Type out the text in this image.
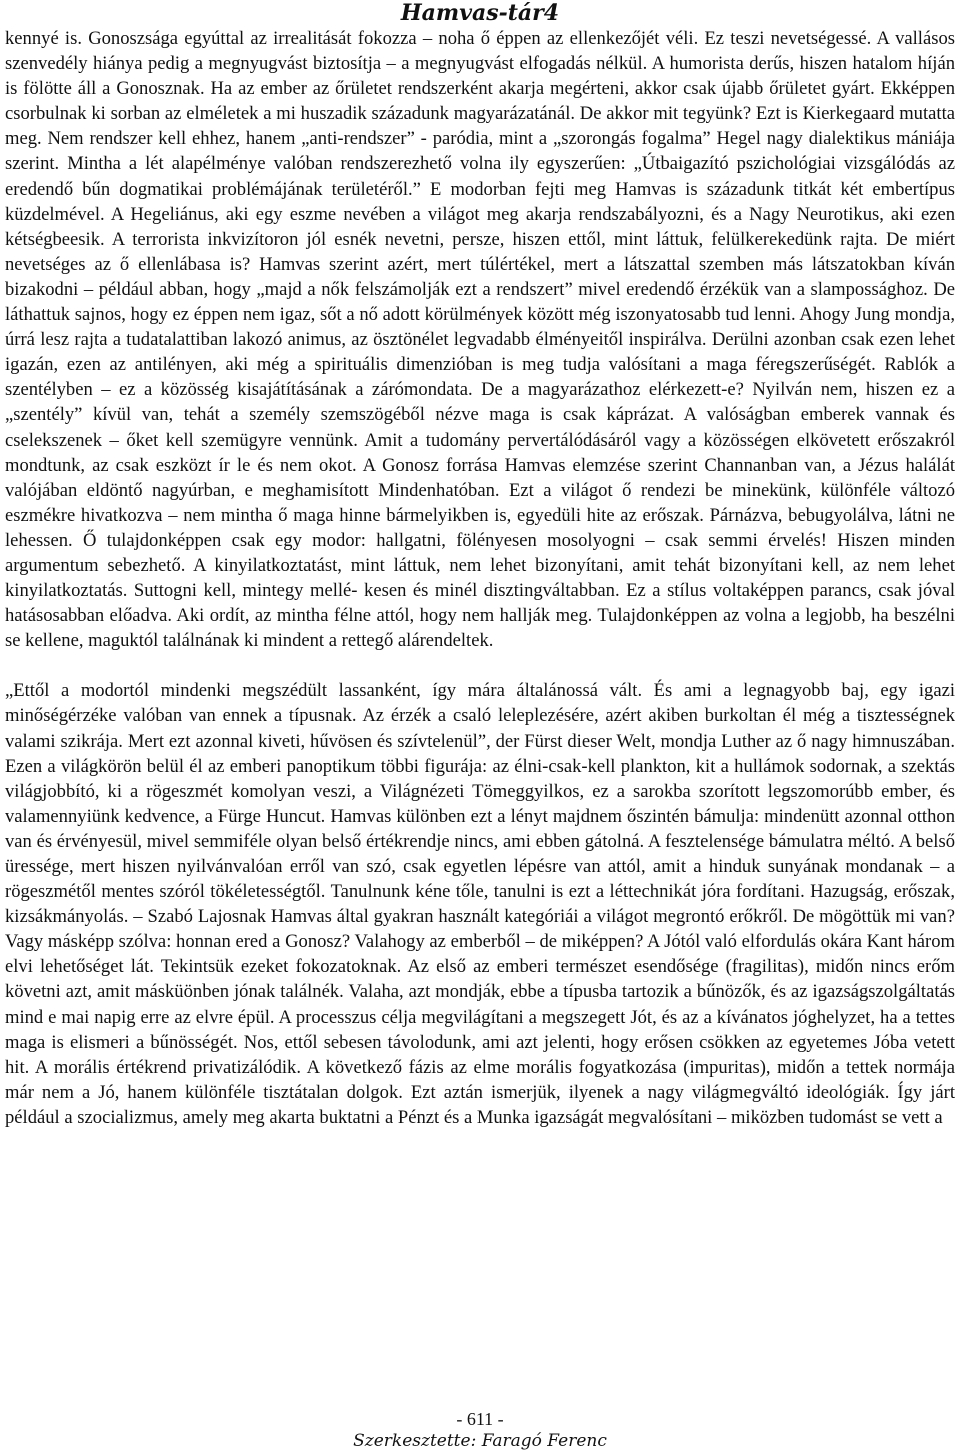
Hamvas-tár4

kennyé is. Gonoszsága egyúttal az irrealitását fokozza – noha ő éppen az ellenkezőjét véli. Ez teszi nevetségessé. A vallásos szenvedély hiánya pedig a megnyugvást biztosítja – a megnyugvást elfogadás nélkül. A humorista derűs, hiszen hatalom híján is fölötte áll a Gonosznak. Ha az ember az őrületet rendszerként akarja megérteni, akkor csak újabb őrületet gyárt. Ekképpen csorbulnak ki sorban az elméletek a mi huszadik századunk magyarázatánál. De akkor mit tegyünk? Ezt is Kierkegaard mutatta meg. Nem rendszer kell ehhez, hanem „anti-rendszer” - paródia, mint a „szorongás fogalma” Hegel nagy dialektikus mániája szerint. Mintha a lét alapélménye valóban rendszerezhető volna ily egyszerűen: „Útbaigazító pszichológiai vizsgálódás az eredendő bűn dogmatikai problémájának területéről.” E modorban fejti meg Hamvas is századunk titkát két embertípus küzdelmével. A Hegeliánus, aki egy eszme nevében a világot meg akarja rendszabályozni, és a Nagy Neurotikus, aki ezen kétségbeesik. A terrorista inkvizítoron jól esnék nevetni, persze, hiszen ettől, mint láttuk, felülkerekedünk rajta. De miért nevetséges az ő ellenlábasa is? Hamvas szerint azért, mert túlértékel, mert a látszattal szemben más látszatokban kíván bizakodni – például abban, hogy „majd a nők felszámolják ezt a rendszert” mivel eredendő érzékük van a slampossághoz. De láthattuk sajnos, hogy ez éppen nem igaz, sőt a nő adott körülmények között még iszonyatosabb tud lenni. Ahogy Jung mondja, úrrá lesz rajta a tudatalattiban lakozó animus, az ösztönélet legvadabb élményeitől inspirálva. Derülni azonban csak ezen lehet igazán, ezen az antilényen, aki még a spirituális dimenzióban is meg tudja valósítani a maga féregszerűségét. Rablók a szentélyben – ez a közösség kisajátításának a zárómondata. De a magyarázathoz elérkezett-e? Nyilván nem, hiszen ez a „szentély” kívül van, tehát a személy szemszögéből nézve maga is csak káprázat. A valóságban emberek vannak és cselekszenek – őket kell szemügyre vennünk. Amit a tudomány pervertálódásáról vagy a közösségen elkövetett erőszakról mondtunk, az csak eszközt ír le és nem okot. A Gonosz forrása Hamvas elemzése szerint Channanban van, a Jézus halálát valójában eldöntő nagyúrban, e meghamisított Mindenhatóban. Ezt a világot ő rendezi be minekünk, különféle változó eszmékre hivatkozva – nem mintha ő maga hinne bármelyikben is, egyedüli hite az erőszak. Párnázva, bebugyolálva, látni ne lehessen. Ő tulajdonképpen csak egy modor: hallgatni, fölényesen mosolyogni – csak semmi érvelés! Hiszen minden argumentum sebezhető. A kinyilatkoztatást, mint láttuk, nem lehet bizonyítani, amit tehát bizonyítani kell, az nem lehet kinyilatkoztatás. Suttogni kell, mintegy mellé- kesen és minél disztingváltabban. Ez a stílus voltaképpen parancs, csak jóval hatásosabban előadva. Aki ordít, az mintha félne attól, hogy nem hallják meg. Tulajdonképpen az volna a legjobb, ha beszélni se kellene, maguktól találnának ki mindent a rettegő alárendeltek.

„Ettől a modortól mindenki megszédült lassanként, így mára általánossá vált. És ami a legnagyobb baj, egy igazi minőségérzéke valóban van ennek a típusnak. Az érzék a csaló leleplezésére, azért akiben burkoltan él még a tisztességnek valami szikrája. Mert ezt azonnal kiveti, hűvösen és szívtelenül”, der Fürst dieser Welt, mondja Luther az ő nagy himnuszában. Ezen a világkörön belül él az emberi panoptikum többi figurája: az élni-csak-kell plankton, kit a hullámok sodornak, a szektás világjobbító, ki a rögeszmét komolyan veszi, a Világnézeti Tömeggyilkos, ez a sarokba szorított legszomorúbb ember, és valamennyiünk kedvence, a Fürge Huncut. Hamvas különben ezt a lényt majdnem őszintén bámulja: mindenütt azonnal otthon van és érvényesül, mivel semmiféle olyan belső értékrendje nincs, ami ebben gátolná. A fesztelensége bámulatra méltó. A belső üressége, mert hiszen nyilvánvalóan erről van szó, csak egyetlen lépésre van attól, amit a hinduk sunyának mondanak – a rögeszmétől mentes szóról tökéletességtől. Tanulnunk kéne tőle, tanulni is ezt a léttechnikát jóra fordítani. Hazugság, erőszak, kizsákmányolás. – Szabó Lajosnak Hamvas által gyakran használt kategóriái a világot megrontó erőkről. De mögöttük mi van? Vagy másképp szólva: honnan ered a Gonosz? Valahogy az emberből – de miképpen? A Jótól való elfordulás okára Kant három elvi lehetőséget lát. Tekintsük ezeket fokozatoknak. Az első az emberi természet esendősége (fragilitas), midőn nincs erőm követni azt, amit másküönben jónak találnék. Valaha, azt mondják, ebbe a típusba tartozik a bűnözők, és az igazságszolgáltatás mind e mai napig erre az elvre épül. A processzus célja megvilágítani a megszegett Jót, és az a kívánatos jóghelyzet, ha a tettes maga is elismeri a bűnösségét. Nos, ettől sebesen távolodunk, ami azt jelenti, hogy erősen csökken az egyetemes Jóba vetett hit. A morális értékrend privatizálódik. A következő fázis az elme morális fogyatkozása (impuritas), midőn a tettek normája már nem a Jó, hanem különféle tisztátalan dolgok. Ezt aztán ismerjük, ilyenek a nagy világmegváltó ideológiák. Így járt például a szocializmus, amely meg akarta buktatni a Pénzt és a Munka igazságát megvalósítani – miközben tudomást se vett a

- 611 -
Szerkesztette: Faragó Ferenc
